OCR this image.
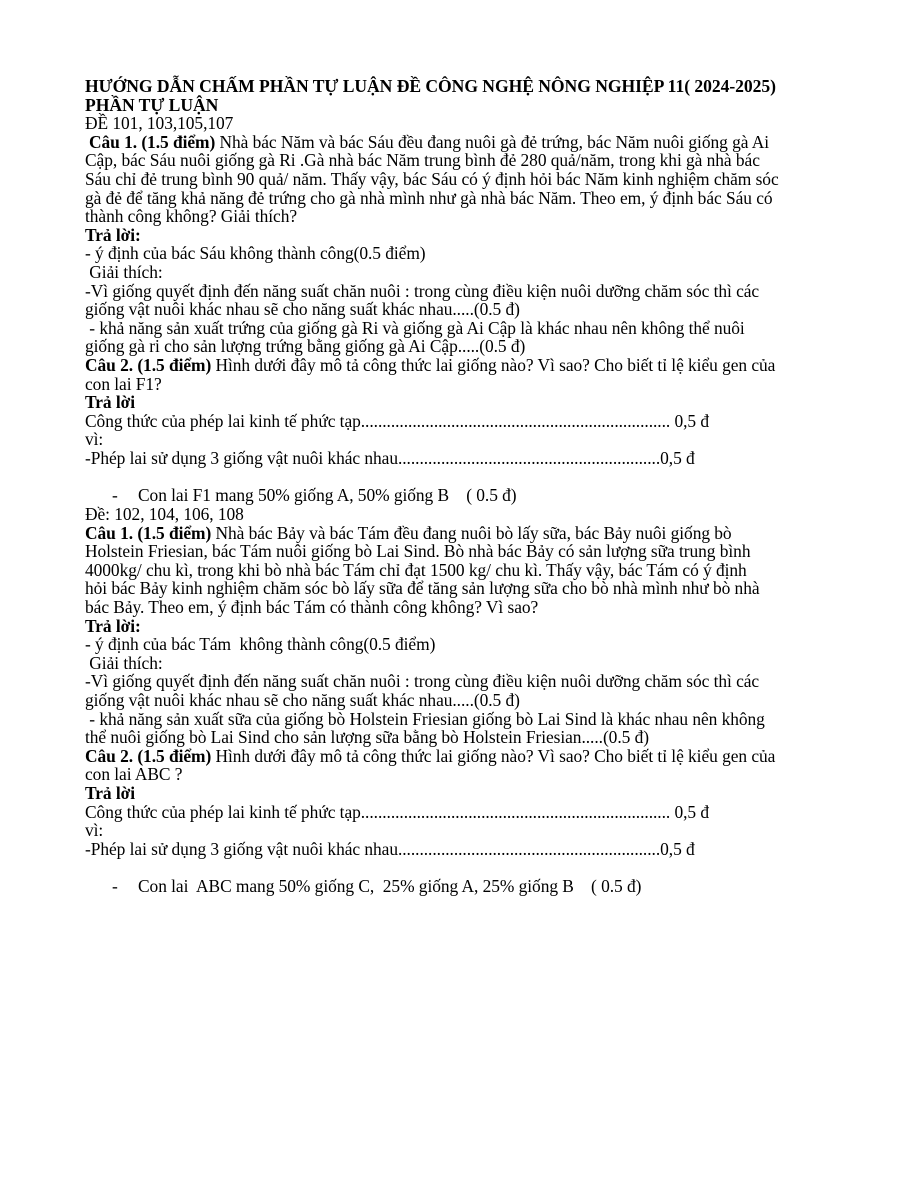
HƯỚNG DẪN CHẤM PHẦN TỰ LUẬN ĐỀ CÔNG NGHỆ NÔNG NGHIỆP 11( 2024-2025)

PHẦN TỰ LUẬN

ĐỀ 101, 103,105,107

Câu 1. (1.5 điểm) Nhà bác Năm và bác Sáu đều đang nuôi gà đẻ trứng, bác Năm nuôi giống gà Ai

Cập, bác Sáu nuôi giống gà Ri .Gà nhà bác Năm trung bình đẻ 280 quả/năm, trong khi gà nhà bác

Sáu chỉ đẻ trung bình 90 quả/ năm. Thấy vậy, bác Sáu có ý định hỏi bác Năm kinh nghiệm chăm sóc

gà đẻ để tăng khả năng đẻ trứng cho gà nhà mình như gà nhà bác Năm. Theo em, ý định bác Sáu có

thành công không? Giải thích?

Trả lời:

- ý định của bác Sáu không thành công(0.5 điểm)

Giải thích:

-Vì giống quyết định đến năng suất chăn nuôi : trong cùng điều kiện nuôi dưỡng chăm sóc thì các

giống vật nuôi khác nhau sẽ cho năng suất khác nhau.....(0.5 đ)

- khả năng sản xuất trứng của giống gà Ri và giống gà Ai Cập là khác nhau nên không thể nuôi

giống gà ri cho sản lượng trứng bằng giống gà Ai Cập.....(0.5 đ)

Câu 2. (1.5 điểm) Hình dưới đây mô tả công thức lai giống nào? Vì sao? Cho biết tỉ lệ kiểu gen của

con lai F1?

Trả lời

Công thức của phép lai kinh tế phức tạp........................................................................ 0,5 đ

vì:

-Phép lai sử dụng 3 giống vật nuôi khác nhau.............................................................0,5 đ

- Con lai F1 mang 50% giống A, 50% giống B    ( 0.5 đ)

Đề: 102, 104, 106, 108

Câu 1. (1.5 điểm) Nhà bác Bảy và bác Tám đều đang nuôi bò lấy sữa, bác Bảy nuôi giống bò

Holstein Friesian, bác Tám nuôi giống bò Lai Sind. Bò nhà bác Bảy có sản lượng sữa trung bình

4000kg/ chu kì, trong khi bò nhà bác Tám chỉ đạt 1500 kg/ chu kì. Thấy vậy, bác Tám có ý định

hỏi bác Bảy kinh nghiệm chăm sóc bò lấy sữa để tăng sản lượng sữa cho bò nhà mình như bò nhà

bác Bảy. Theo em, ý định bác Tám có thành công không? Vì sao?

Trả lời:

- ý định của bác Tám  không thành công(0.5 điểm)

Giải thích:

-Vì giống quyết định đến năng suất chăn nuôi : trong cùng điều kiện nuôi dưỡng chăm sóc thì các

giống vật nuôi khác nhau sẽ cho năng suất khác nhau.....(0.5 đ)

- khả năng sản xuất sữa của giống bò Holstein Friesian giống bò Lai Sind là khác nhau nên không

thể nuôi giống bò Lai Sind cho sản lượng sữa bằng bò Holstein Friesian.....(0.5 đ)

Câu 2. (1.5 điểm) Hình dưới đây mô tả công thức lai giống nào? Vì sao? Cho biết tỉ lệ kiểu gen của

con lai ABC ?

Trả lời

Công thức của phép lai kinh tế phức tạp........................................................................ 0,5 đ

vì:

-Phép lai sử dụng 3 giống vật nuôi khác nhau.............................................................0,5 đ

- Con lai  ABC mang 50% giống C,  25% giống A, 25% giống B    ( 0.5 đ)
